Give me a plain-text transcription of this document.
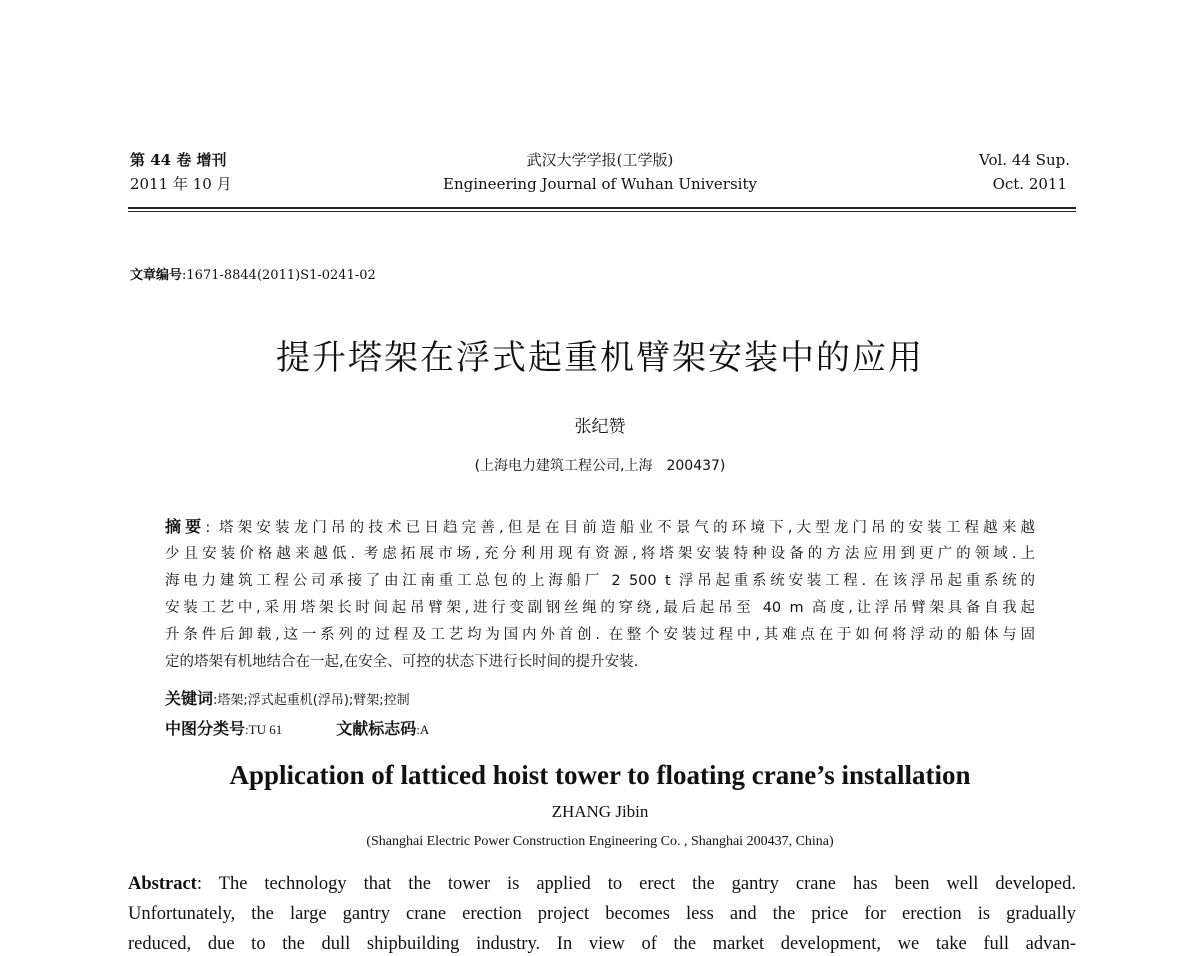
第 44 卷 增刊
2011 年 10 月
武汉大学学报(工学版)
Engineering Journal of Wuhan University
Vol. 44 Sup.
Oct. 2011
文章编号:1671-8844(2011)S1-0241-02
提升塔架在浮式起重机臂架安装中的应用
张纪赞
(上海电力建筑工程公司,上海　200437)
摘要: 塔架安装龙门吊的技术已日趋完善,但是在目前造船业不景气的环境下,大型龙门吊的安装工程越来越
少且安装价格越来越低. 考虑拓展市场,充分利用现有资源,将塔架安装特种设备的方法应用到更广的领域.上
海电力建筑工程公司承接了由江南重工总包的上海船厂 2 500 t 浮吊起重系统安装工程. 在该浮吊起重系统的
安装工艺中,采用塔架长时间起吊臂架,进行变副钢丝绳的穿绕,最后起吊至 40 m 高度,让浮吊臂架具备自我起
升条件后卸载,这一系列的过程及工艺均为国内外首创. 在整个安装过程中,其难点在于如何将浮动的船体与固
定的塔架有机地结合在一起,在安全、可控的状态下进行长时间的提升安装.
关键词:塔架;浮式起重机(浮吊);臂架;控制
中图分类号:TU 61	文献标志码:A
Application of latticed hoist tower to floating crane’s installation
ZHANG Jibin
(Shanghai Electric Power Construction Engineering Co. , Shanghai 200437, China)
Abstract: The technology that the tower is applied to erect the gantry crane has been well developed.
Unfortunately, the large gantry crane erection project becomes less and the price for erection is gradually
reduced, due to the dull shipbuilding industry. In view of the market development, we take full advan-
